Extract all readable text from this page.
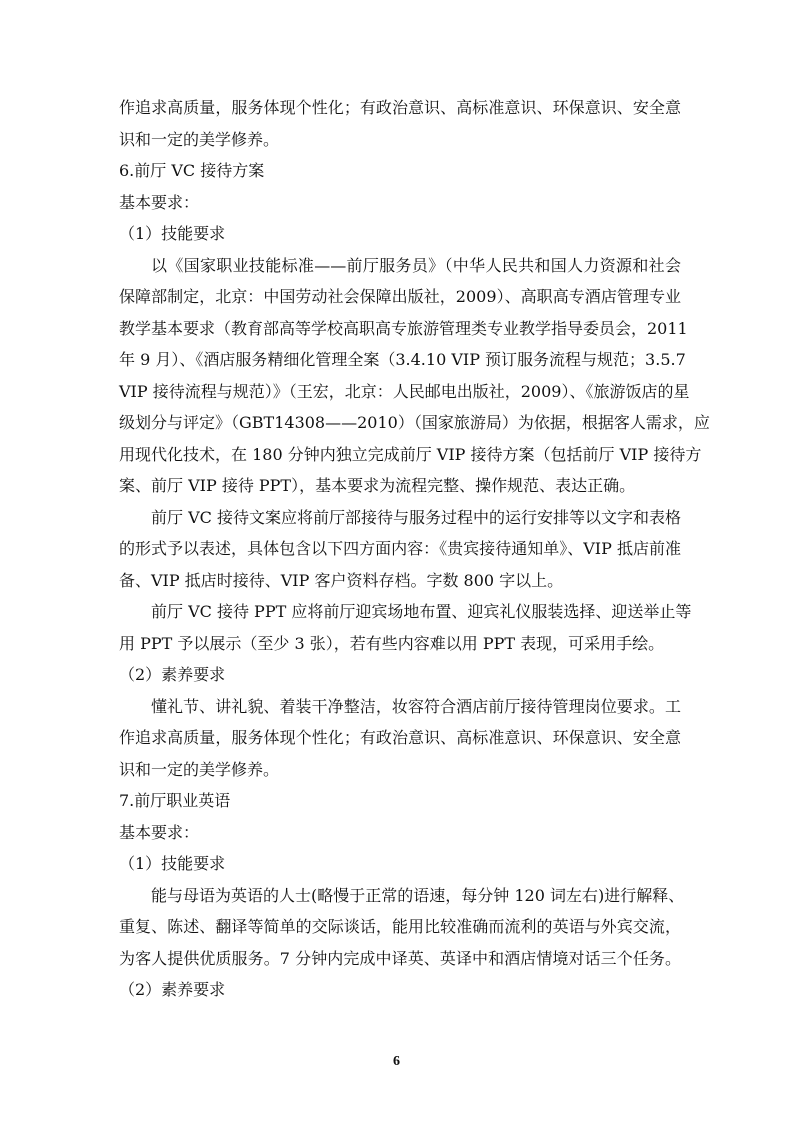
作追求高质量，服务体现个性化；有政治意识、高标准意识、环保意识、安全意
识和一定的美学修养。
6.前厅 VC 接待方案
基本要求：
（1）技能要求
以《国家职业技能标准——前厅服务员》（中华人民共和国人力资源和社会
保障部制定，北京：中国劳动社会保障出版社，2009）、高职高专酒店管理专业
教学基本要求（教育部高等学校高职高专旅游管理类专业教学指导委员会，2011
年 9 月）、《酒店服务精细化管理全案（3.4.10 VIP 预订服务流程与规范；3.5.7
VIP 接待流程与规范）》（王宏，北京：人民邮电出版社，2009）、《旅游饭店的星
级划分与评定》（GBT14308——2010）（国家旅游局）为依据，根据客人需求，应
用现代化技术，在 180 分钟内独立完成前厅 VIP 接待方案（包括前厅 VIP 接待方
案、前厅 VIP 接待 PPT），基本要求为流程完整、操作规范、表达正确。
前厅 VC 接待文案应将前厅部接待与服务过程中的运行安排等以文字和表格
的形式予以表述，具体包含以下四方面内容：《贵宾接待通知单》、VIP 抵店前准
备、VIP 抵店时接待、VIP 客户资料存档。字数 800 字以上。
前厅 VC 接待 PPT 应将前厅迎宾场地布置、迎宾礼仪服装选择、迎送举止等
用 PPT 予以展示（至少 3 张），若有些内容难以用 PPT 表现，可采用手绘。
（2）素养要求
懂礼节、讲礼貌、着装干净整洁，妆容符合酒店前厅接待管理岗位要求。工
作追求高质量，服务体现个性化；有政治意识、高标准意识、环保意识、安全意
识和一定的美学修养。
7.前厅职业英语
基本要求：
（1）技能要求
能与母语为英语的人士(略慢于正常的语速，每分钟 120 词左右)进行解释、
重复、陈述、翻译等简单的交际谈话，能用比较准确而流利的英语与外宾交流，
为客人提供优质服务。7 分钟内完成中译英、英译中和酒店情境对话三个任务。
（2）素养要求
6
